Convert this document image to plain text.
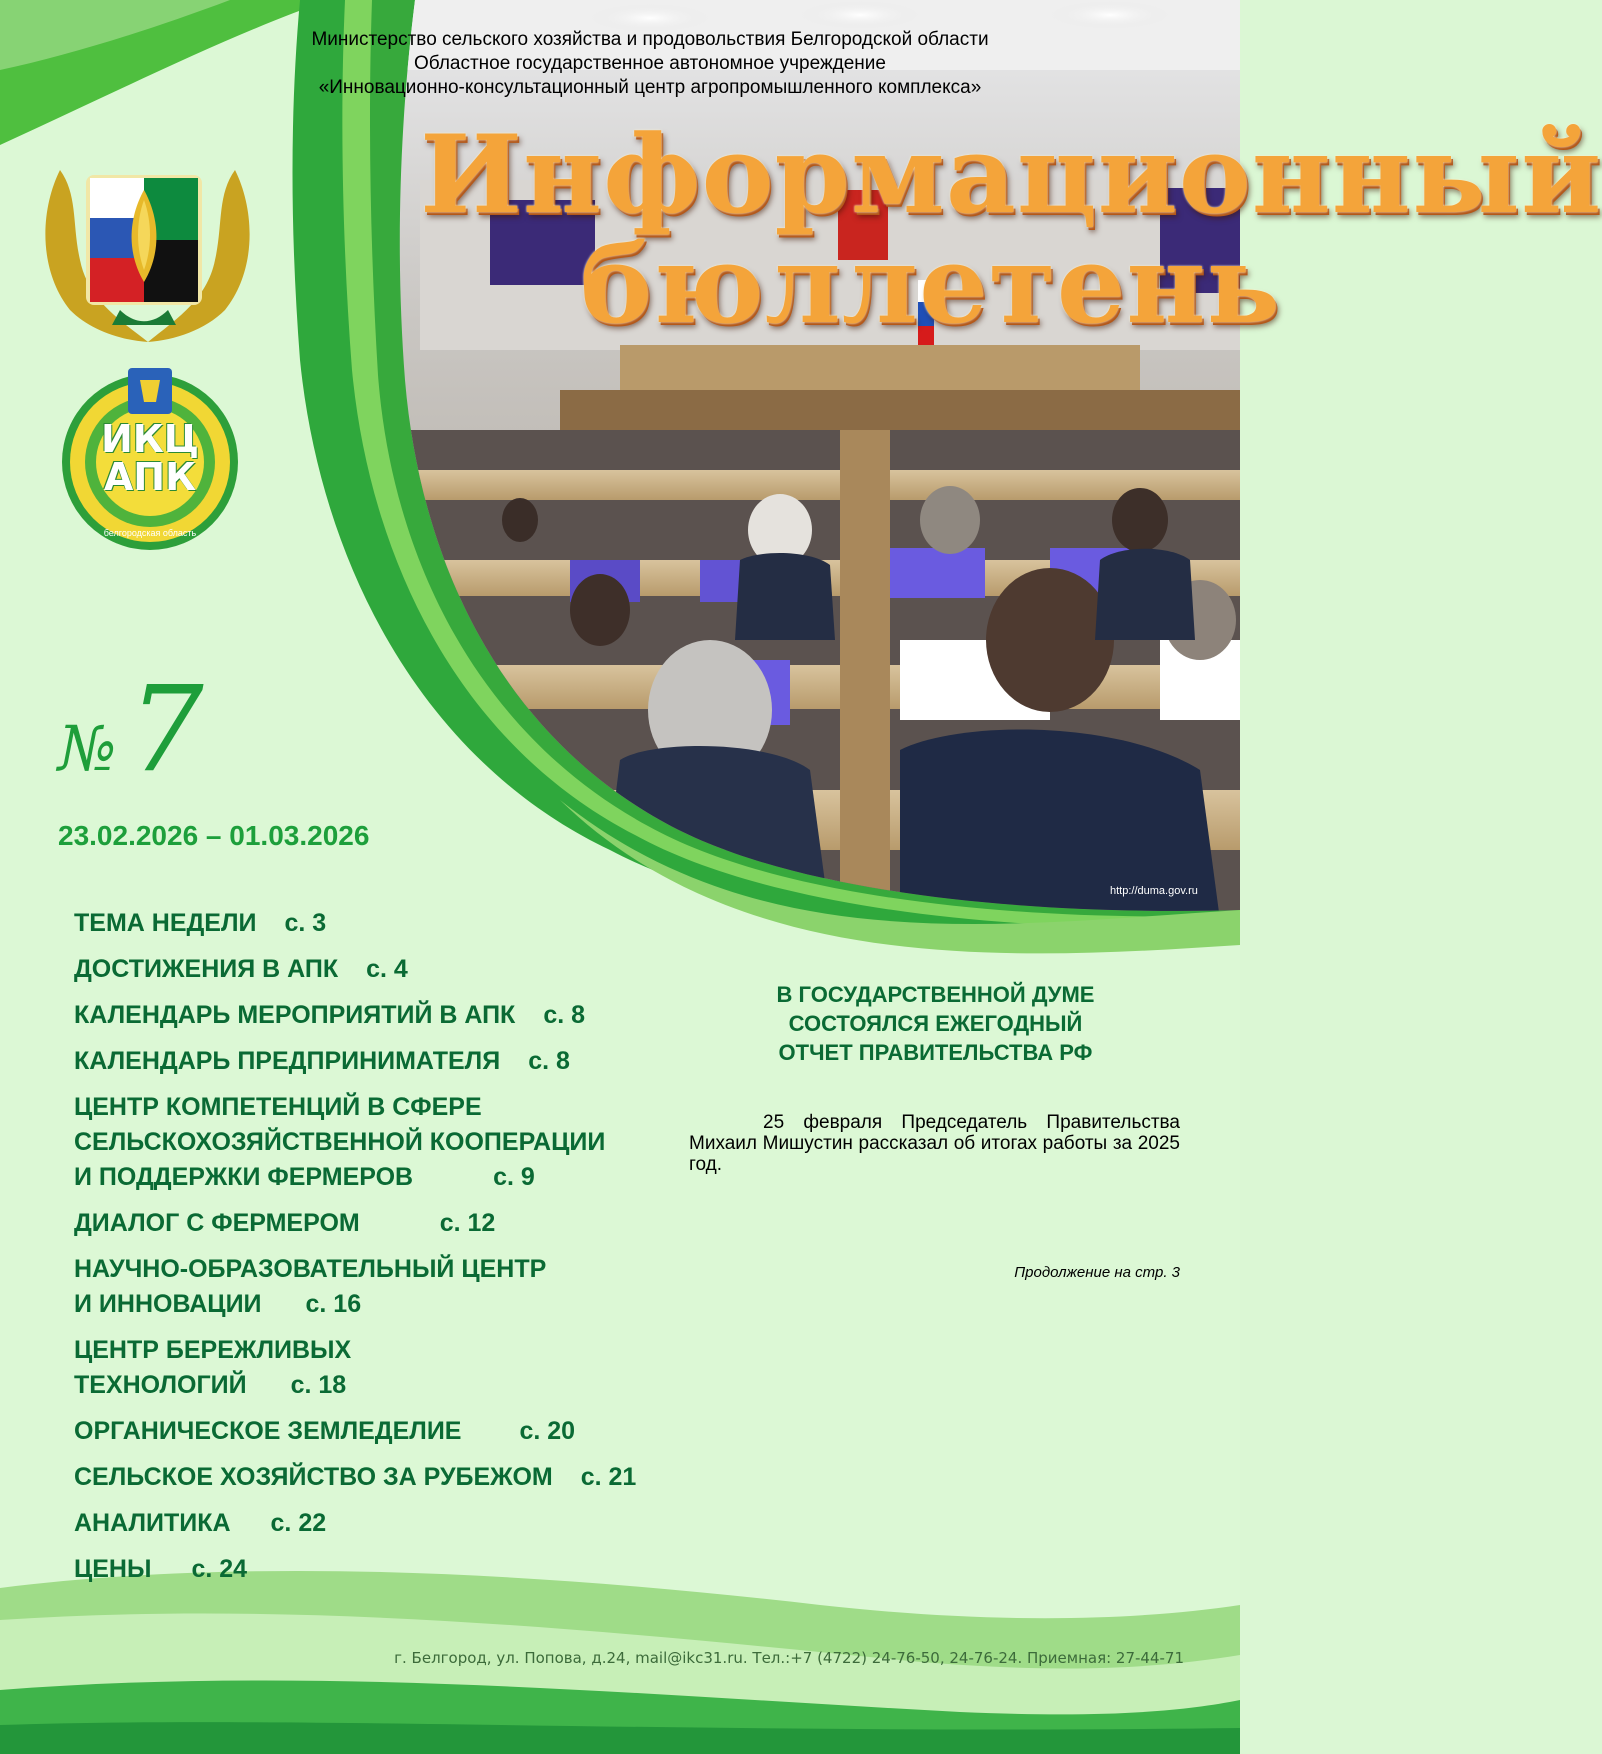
Министерство сельского хозяйства и продовольствия Белгородской области
Областное государственное автономное учреждение
«Инновационно-консультационный центр агропромышленного комплекса»
ИКЦ
АПК
белгородская область
Информационный
бюллетень
http://duma.gov.ru
№ 7
23.02.2026 – 01.03.2026
ТЕМА НЕДЕЛИ с. 3
ДОСТИЖЕНИЯ В АПК с. 4
КАЛЕНДАРЬ МЕРОПРИЯТИЙ В АПК с. 8
КАЛЕНДАРЬ ПРЕДПРИНИМАТЕЛЯ с. 8
ЦЕНТР КОМПЕТЕНЦИЙ В СФЕРЕ
СЕЛЬСКОХОЗЯЙСТВЕННОЙ КООПЕРАЦИИ
И ПОДДЕРЖКИ ФЕРМЕРОВ	с. 9
ДИАЛОГ С ФЕРМЕРОМ	с. 12
НАУЧНО-ОБРАЗОВАТЕЛЬНЫЙ ЦЕНТР
И ИННОВАЦИИ с. 16
ЦЕНТР БЕРЕЖЛИВЫХ
ТЕХНОЛОГИЙ с. 18
ОРГАНИЧЕСКОЕ ЗЕМЛЕДЕЛИЕ с. 20
СЕЛЬСКОЕ ХОЗЯЙСТВО ЗА РУБЕЖОМ с. 21
АНАЛИТИКА с. 22
ЦЕНЫ с. 24
В ГОСУДАРСТВЕННОЙ ДУМЕ
СОСТОЯЛСЯ ЕЖЕГОДНЫЙ
ОТЧЕТ ПРАВИТЕЛЬСТВА РФ
25 февраля Председатель Правительства Михаил Мишустин рассказал об итогах работы за 2025 год.
Продолжение на стр. 3
г. Белгород, ул. Попова, д.24, mail@ikc31.ru. Тел.:+7 (4722) 24-76-50, 24-76-24. Приемная: 27-44-71
